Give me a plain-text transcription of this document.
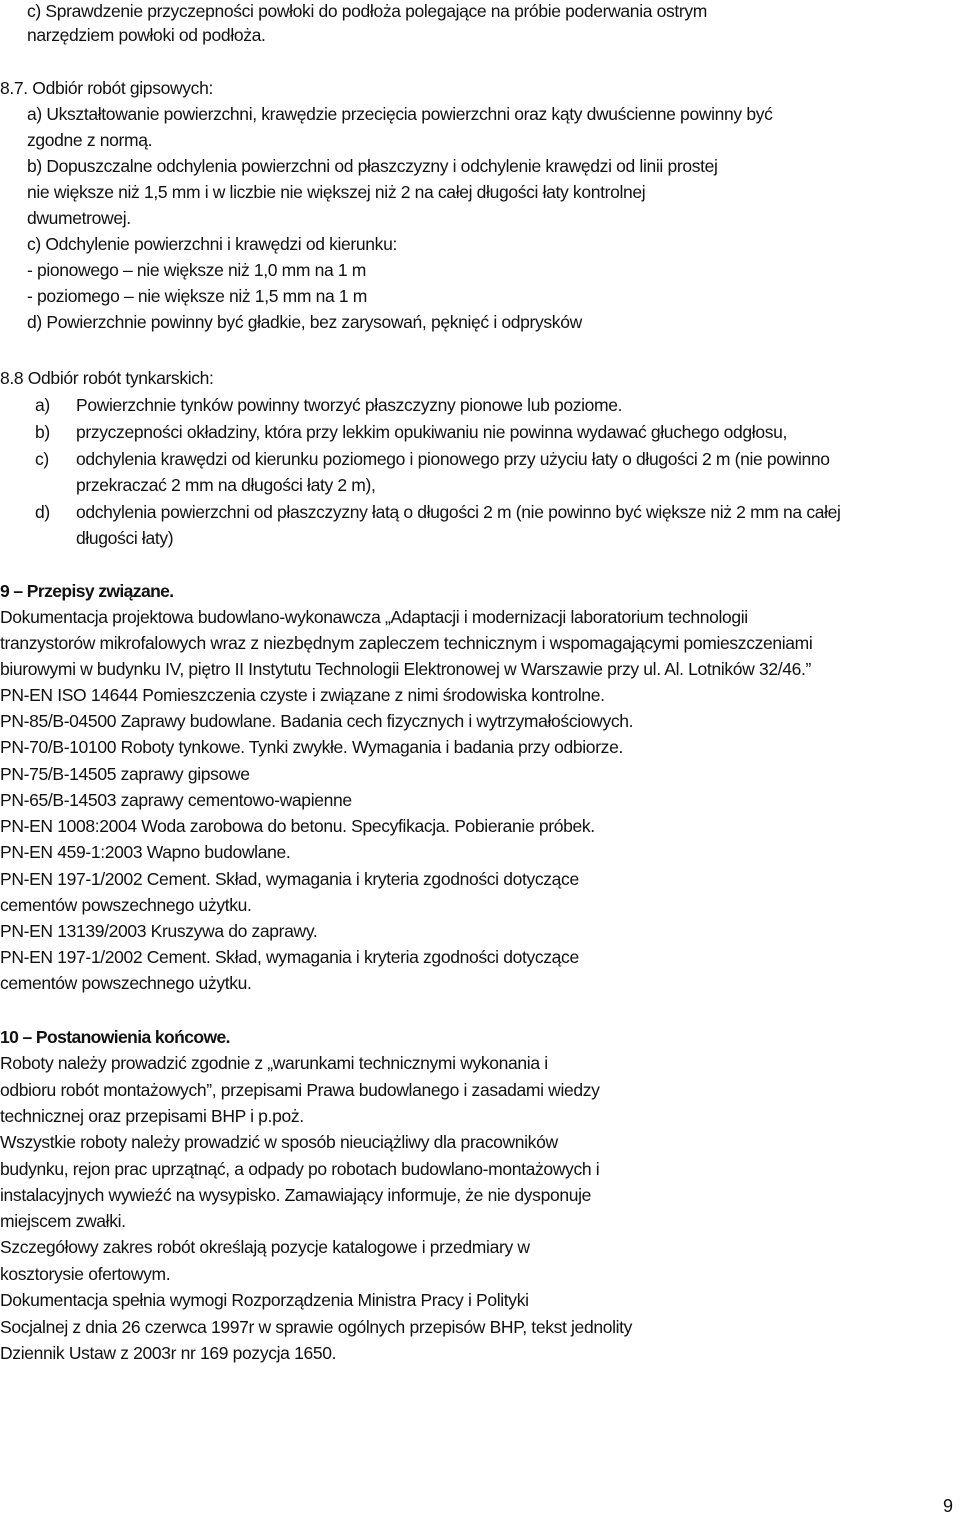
c) Sprawdzenie przyczepności powłoki do podłoża polegające na próbie poderwania ostrym
narzędziem powłoki od podłoża.
8.7. Odbiór robót gipsowych:
a) Ukształtowanie powierzchni, krawędzie przecięcia powierzchni oraz kąty dwuścienne powinny być
zgodne z normą.
b) Dopuszczalne odchylenia powierzchni od płaszczyzny i odchylenie krawędzi od linii prostej
nie większe niż 1,5 mm i w liczbie nie większej niż 2 na całej długości łaty kontrolnej
dwumetrowej.
c) Odchylenie powierzchni i krawędzi od kierunku:
- pionowego – nie większe niż 1,0 mm na 1 m
- poziomego – nie większe niż 1,5 mm na 1 m
d) Powierzchnie powinny być gładkie, bez zarysowań, pęknięć i odprysków
8.8 Odbiór robót tynkarskich:
a) Powierzchnie tynków powinny tworzyć płaszczyzny pionowe lub poziome.
b) przyczepności okładziny, która przy lekkim opukiwaniu nie powinna wydawać głuchego odgłosu,
c) odchylenia krawędzi od kierunku poziomego i pionowego przy użyciu łaty o długości 2 m (nie powinno
przekraczać 2 mm na długości łaty 2 m),
d) odchylenia powierzchni od płaszczyzny łatą o długości 2 m (nie powinno być większe niż 2 mm na całej
długości łaty)
9 – Przepisy związane.
Dokumentacja projektowa budowlano-wykonawcza „Adaptacji i modernizacji laboratorium technologii
tranzystorów mikrofalowych wraz z niezbędnym zapleczem technicznym i wspomagającymi pomieszczeniami
biurowymi w budynku IV, piętro II Instytutu Technologii Elektronowej w Warszawie przy ul. Al. Lotników 32/46.”
PN-EN ISO 14644 Pomieszczenia czyste i związane z nimi środowiska kontrolne.
PN-85/B-04500 Zaprawy budowlane. Badania cech fizycznych i wytrzymałościowych.
PN-70/B-10100 Roboty tynkowe. Tynki zwykłe. Wymagania i badania przy odbiorze.
PN-75/B-14505 zaprawy gipsowe
PN-65/B-14503 zaprawy cementowo-wapienne
PN-EN 1008:2004 Woda zarobowa do betonu. Specyfikacja. Pobieranie próbek.
PN-EN 459-1:2003 Wapno budowlane.
PN-EN 197-1/2002 Cement. Skład, wymagania i kryteria zgodności dotyczące
cementów powszechnego użytku.
PN-EN 13139/2003 Kruszywa do zaprawy.
PN-EN 197-1/2002 Cement. Skład, wymagania i kryteria zgodności dotyczące
cementów powszechnego użytku.
10 – Postanowienia końcowe.
Roboty należy prowadzić zgodnie z „warunkami technicznymi wykonania i
odbioru robót montażowych”, przepisami Prawa budowlanego i zasadami wiedzy
technicznej oraz przepisami BHP i p.poż.
Wszystkie roboty należy prowadzić w sposób nieuciążliwy dla pracowników
budynku, rejon prac uprzątnąć, a odpady po robotach budowlano-montażowych i
instalacyjnych wywieźć na wysypisko. Zamawiający informuje, że nie dysponuje
miejscem zwałki.
Szczegółowy zakres robót określają pozycje katalogowe i przedmiary w
kosztorysie ofertowym.
Dokumentacja spełnia wymogi Rozporządzenia Ministra Pracy i Polityki
Socjalnej z dnia 26 czerwca 1997r w sprawie ogólnych przepisów BHP, tekst jednolity
Dziennik Ustaw z 2003r nr 169 pozycja 1650.
9
